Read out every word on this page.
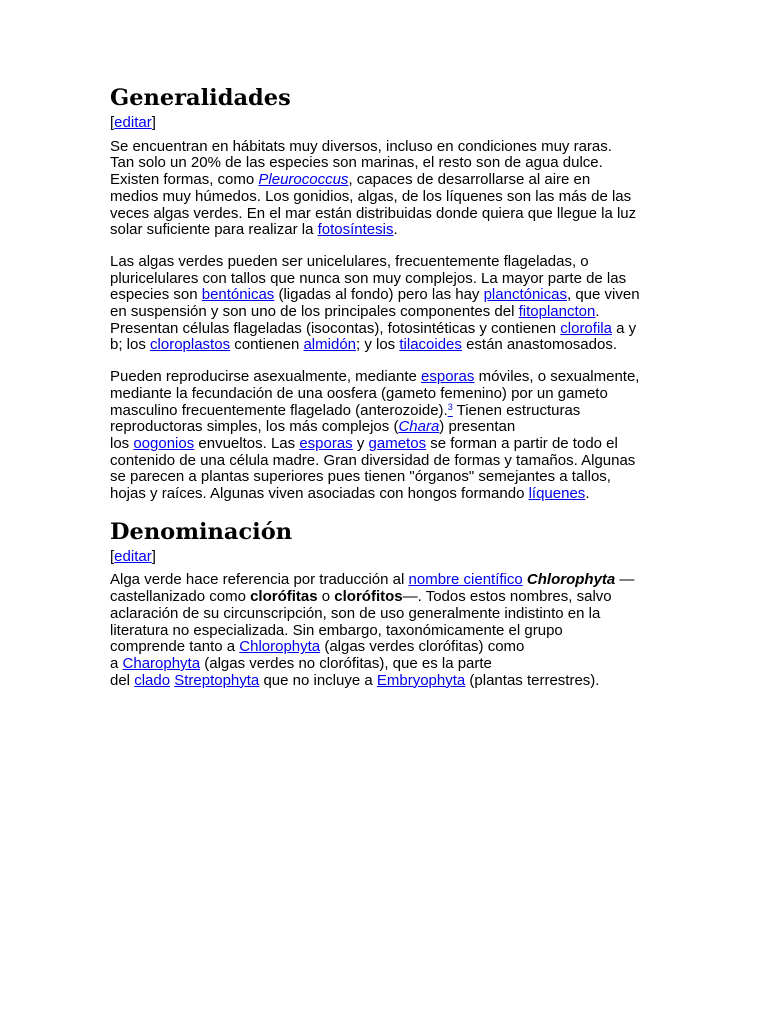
Generalidades
[editar]

Se encuentran en hábitats muy diversos, incluso en condiciones muy raras.
Tan solo un 20% de las especies son marinas, el resto son de agua dulce.
Existen formas, como Pleurococcus, capaces de desarrollarse al aire en
medios muy húmedos. Los gonidios, algas, de los líquenes son las más de las
veces algas verdes. En el mar están distribuidas donde quiera que llegue la luz
solar suficiente para realizar la fotosíntesis.

Las algas verdes pueden ser unicelulares, frecuentemente flageladas, o
pluricelulares con tallos que nunca son muy complejos. La mayor parte de las
especies son bentónicas (ligadas al fondo) pero las hay planctónicas, que viven
en suspensión y son uno de los principales componentes del fitoplancton.
Presentan células flageladas (isocontas), fotosintéticas y contienen clorofila a y
b; los cloroplastos contienen almidón; y los tilacoides están anastomosados.

Pueden reproducirse asexualmente, mediante esporas móviles, o sexualmente,
mediante la fecundación de una oosfera (gameto femenino) por un gameto
masculino frecuentemente flagelado (anterozoide).$^3$ Tienen estructuras
reproductoras simples, los más complejos (Chara) presentan
los oogonios envueltos. Las esporas y gametos se forman a partir de todo el
contenido de una célula madre. Gran diversidad de formas y tamaños. Algunas
se parecen a plantas superiores pues tienen "órganos" semejantes a tallos,
hojas y raíces. Algunas viven asociadas con hongos formando líquenes.

Denominación
[editar]

Alga verde hace referencia por traducción al nombre científico Chlorophyta —
castellanizado como clorófitas o clorófitos—. Todos estos nombres, salvo
aclaración de su circunscripción, son de uso generalmente indistinto en la
literatura no especializada. Sin embargo, taxonómicamente el grupo
comprende tanto a Chlorophyta (algas verdes clorófitas) como
a Charophyta (algas verdes no clorófitas), que es la parte
del clado Streptophyta que no incluye a Embryophyta (plantas terrestres).
